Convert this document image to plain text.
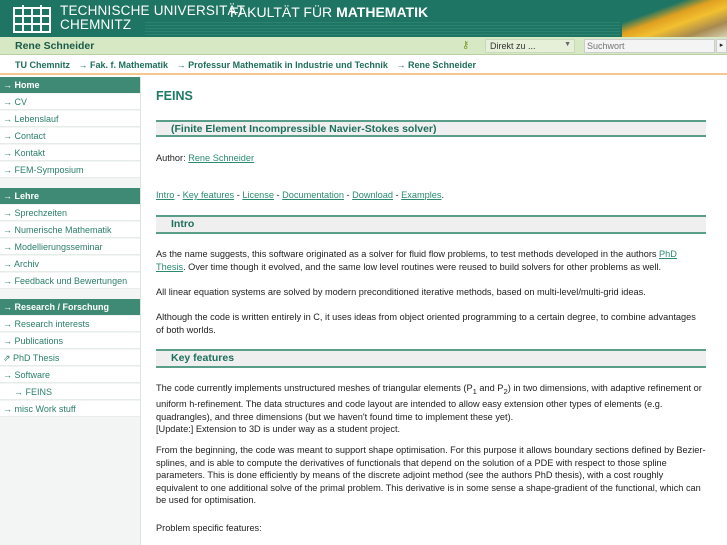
TECHNISCHE UNIVERSITÄT
CHEMNITZ
FAKULTÄT FÜR MATHEMATIK
Rene Schneider	⚷	Direkt zu ...	▼
Suchwort	▸
TU Chemnitz → Fak. f. Mathematik → Professur Mathematik in Industrie und Technik → Rene Schneider
→ Home
→ CV
→ Lebenslauf
→ Contact
→ Kontakt
→ FEM-Symposium
→ Lehre
→ Sprechzeiten
→ Numerische Mathematik
→ Modellierungsseminar
→ Archiv
→ Feedback und Bewertungen
→ Research / Forschung
→ Research interests
→ Publications
⇗ PhD Thesis
→ Software
→ FEINS
→ misc Work stuff
FEINS
(Finite Element Incompressible Navier-Stokes solver)
Author: Rene Schneider
Intro - Key features - License - Documentation - Download - Examples.
Intro
As the name suggests, this software originated as a solver for fluid flow problems, to test methods developed in the authors PhD Thesis. Over time though it evolved, and the same low level routines were reused to build solvers for other problems as well.
All linear equation systems are solved by modern preconditioned iterative methods, based on multi-level/multi-grid ideas.
Although the code is written entirely in C, it uses ideas from object oriented programming to a certain degree, to combine advantages of both worlds.
Key features
The code currently implements unstructured meshes of triangular elements ($P_1$ and $P_2$) in two dimensions, with adaptive refinement or uniform h-refinement. The data structures and code layout are intended to allow easy extension other types of elements (e.g. quadrangles), and three dimensions (but we haven't found time to implement these yet).
[Update:] Extension to 3D is under way as a student project.
From the beginning, the code was meant to support shape optimisation. For this purpose it allows boundary sections defined by Bezier-splines, and is able to compute the derivatives of functionals that depend on the solution of a PDE with respect to those spline parameters. This is done efficiently by means of the discrete adjoint method (see the authors PhD thesis), with a cost roughly equivalent to one additional solve of the primal problem. This derivative is in some sense a shape-gradient of the functional, which can be used for optimisation.
Problem specific features:
